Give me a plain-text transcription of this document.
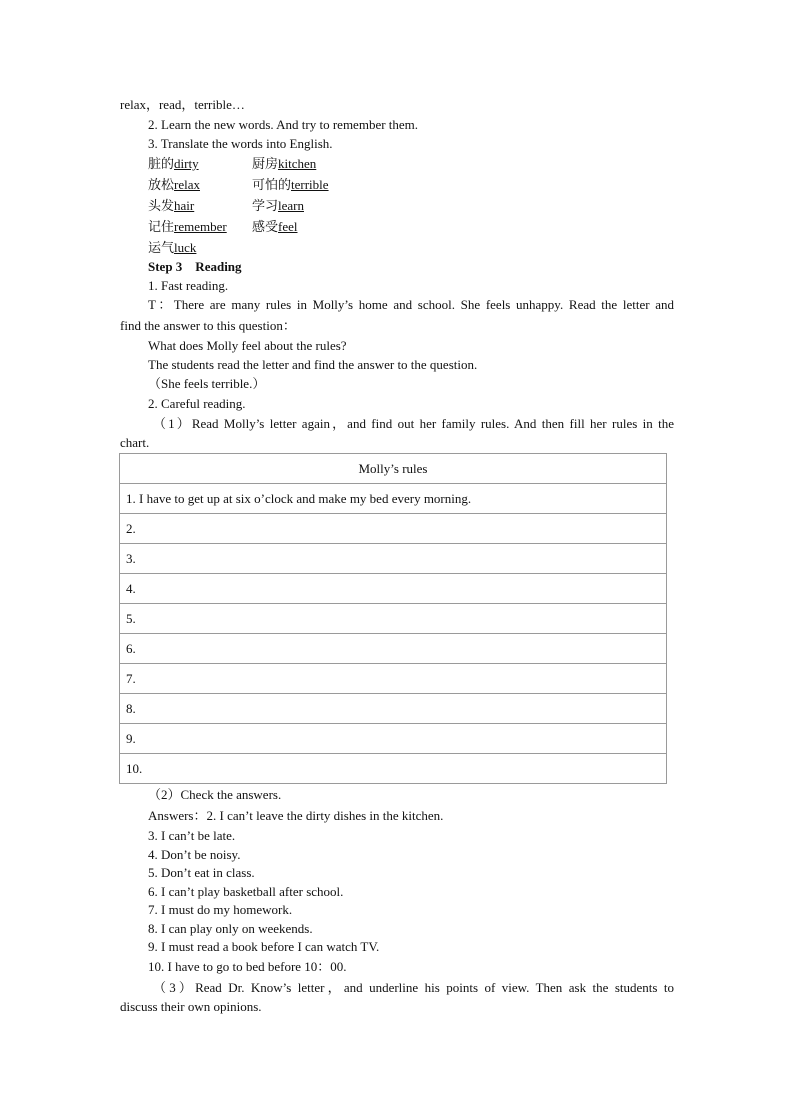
relax，read，terrible…
2. Learn the new words. And try to remember them.
3. Translate the words into English.
脏的dirty	厨房kitchen
放松relax	可怕的terrible
头发hair	学习learn
记住remember 感受feel
运气luck
Step 3　Reading
1. Fast reading.
T：There are many rules in Molly’s home and school. She feels unhappy. Read the letter and
find the answer to this question：
What does Molly feel about the rules?
The students read the letter and find the answer to the question.
（She feels terrible.）
2. Careful reading.
（1）Read Molly’s letter again，and find out her family rules. And then fill her rules in the
chart.
Molly’s rules
1. I have to get up at six o’clock and make my bed every morning.
2.
3.
4.
5.
6.
7.
8.
9.
10.
（2）Check the answers.
Answers：2. I can’t leave the dirty dishes in the kitchen.
3. I can’t be late.
4. Don’t be noisy.
5. Don’t eat in class.
6. I can’t play basketball after school.
7. I must do my homework.
8. I can play only on weekends.
9. I must read a book before I can watch TV.
10. I have to go to bed before 10：00.
（3）Read Dr. Know’s letter，and underline his points of view. Then ask the students to
discuss their own opinions.
